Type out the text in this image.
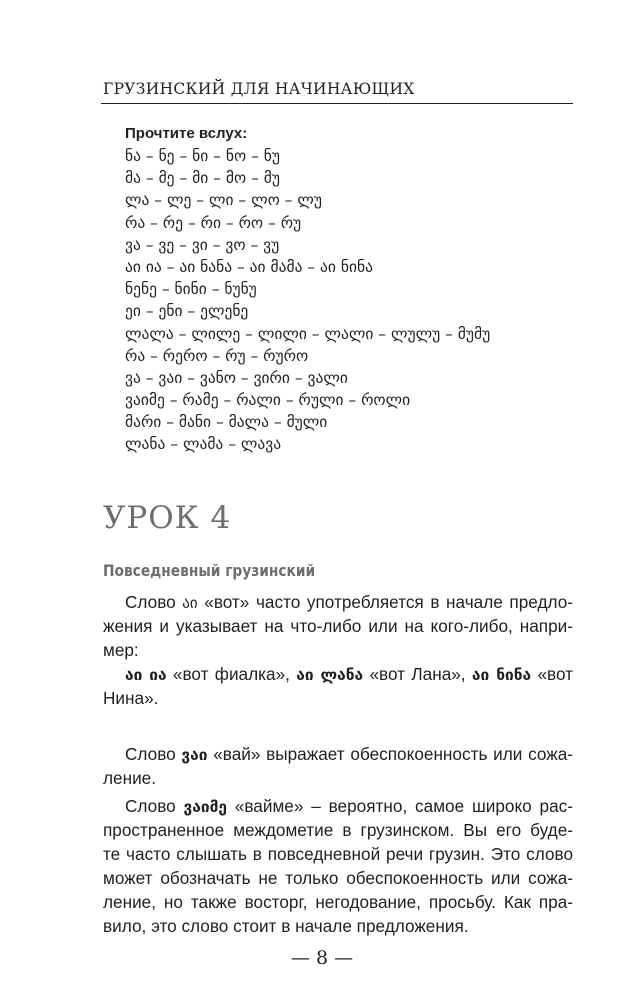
ГРУЗИНСКИЙ ДЛЯ НАЧИНАЮЩИХ
Прочтите вслух:
ნა – ნე – ნი – ნო – ნუ
მა – მე – მი – მო – მუ
ლა – ლე – ლი – ლო – ლუ
რა – რე – რი – რო – რუ
ვა – ვე – ვი – ვო – ვუ
აი ია – აი ნანა – აი მამა – აი ნინა
ნენე – ნინი – ნუნუ
ეი – ენი – ელენე
ლალა – ლილე – ლილი – ლალი – ლულუ – მუმუ
რა – რერო – რუ – რურო
ვა – ვაი – ვანო – ვირი – ვალი
ვაიმე – რამე – რალი – რული – როლი
მარი – მანი – მალა – მული
ლანა – ლამა – ლავა
УРОК 4
Повседневный грузинский
Слово აი «вот» часто употребляется в начале предло-
жения и указывает на что-либо или на кого-либо, напри-
мер:
აი ია «вот фиалка», აი ლანა «вот Лана», აი ნინა «вот
Нина».
Слово ვაი «вай» выражает обеспокоенность или сожа-
ление.
Слово ვაიმე «вайме» – вероятно, самое широко рас-
пространенное междометие в грузинском. Вы его буде-
те часто слышать в повседневной речи грузин. Это слово
может обозначать не только обеспокоенность или сожа-
ление, но также восторг, негодование, просьбу. Как пра-
вило, это слово стоит в начале предложения.
— 8 —
